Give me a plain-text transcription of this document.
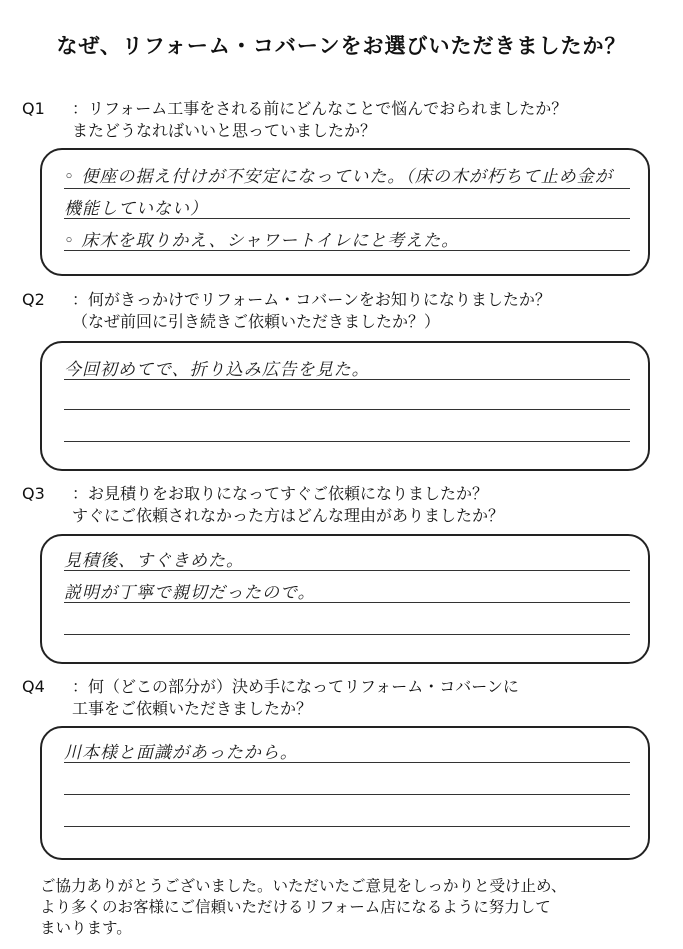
なぜ、リフォーム・コバーンをお選びいただきましたか？
Q1 ：リフォーム工事をされる前にどんなことで悩んでおられましたか？
またどうなればいいと思っていましたか？
◦ 便座の据え付けが不安定になっていた。（床の木が朽ちて止め金が
機能していない）
◦ 床木を取りかえ、シャワートイレにと考えた。
Q2 ：何がきっかけでリフォーム・コバーンをお知りになりましたか？
（なぜ前回に引き続きご依頼いただきましたか？）
今回初めてで、折り込み広告を見た。
Q3 ：お見積りをお取りになってすぐご依頼になりましたか？
すぐにご依頼されなかった方はどんな理由がありましたか？
見積後、すぐきめた。
説明が丁寧で親切だったので。
Q4 ：何（どこの部分が）決め手になってリフォーム・コバーンに
工事をご依頼いただきましたか？
川本様と面識があったから。
ご協力ありがとうございました。いただいたご意見をしっかりと受け止め、
より多くのお客様にご信頼いただけるリフォーム店になるように努力して
まいります。
